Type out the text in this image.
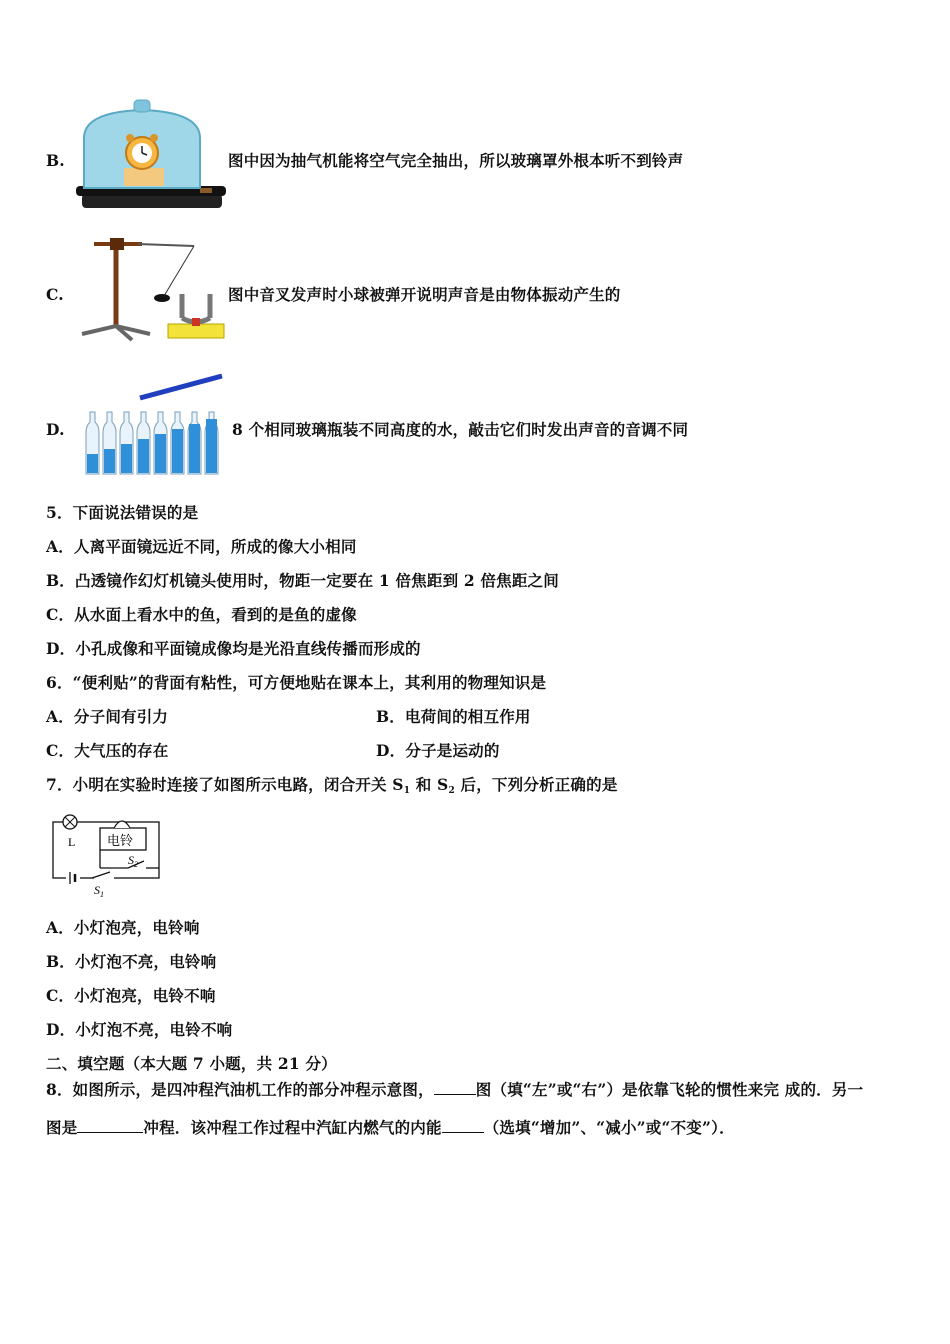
B.	图中因为抽气机能将空气完全抽出，所以玻璃罩外根本听不到铃声
C.	图中音叉发声时小球被弹开说明声音是由物体振动产生的
D.	8 个相同玻璃瓶装不同高度的水，敲击它们时发出声音的音调不同
5．下面说法错误的是
A．人离平面镜远近不同，所成的像大小相同
B．凸透镜作幻灯机镜头使用时，物距一定要在 1 倍焦距到 2 倍焦距之间
C．从水面上看水中的鱼，看到的是鱼的虚像
D．小孔成像和平面镜成像均是光沿直线传播而形成的
6．“便利贴”的背面有粘性，可方便地贴在课本上，其利用的物理知识是
A．分子间有引力	B．电荷间的相互作用
C．大气压的存在	D．分子是运动的
7．小明在实验时连接了如图所示电路，闭合开关 $S_1$ 和 $S_2$ 后，下列分析正确的是
L 电铃
$S_2$
$S_1$
A．小灯泡亮，电铃响
B．小灯泡不亮，电铃响
C．小灯泡亮，电铃不响
D．小灯泡不亮，电铃不响
二、填空题（本大题 7 小题，共 21 分）
8．如图所示，是四冲程汽油机工作的部分冲程示意图，	图（填“左”或“右”）是依靠飞轮的惯性来完 成的．另一
图是	冲程．该冲程工作过程中汽缸内燃气的内能	（选填“增加”、“减小”或“不变”）．
